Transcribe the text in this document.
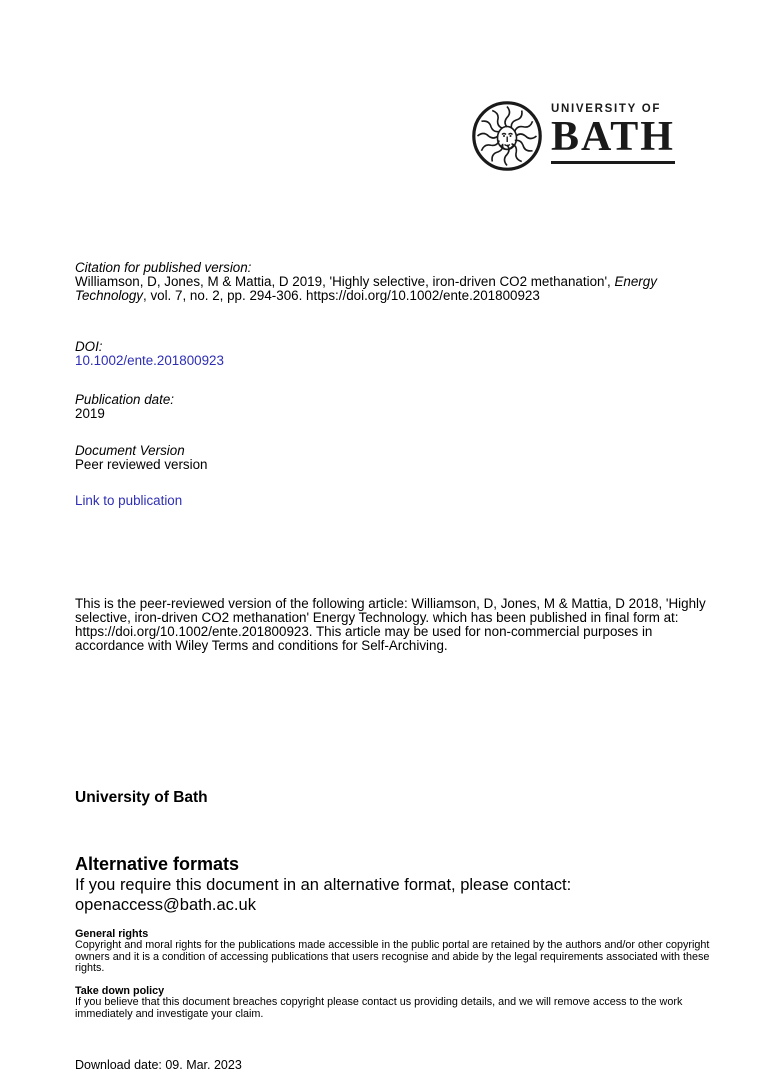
UNIVERSITY OF
BATH
Citation for published version:
Williamson, D, Jones, M & Mattia, D 2019, 'Highly selective, iron-driven CO2 methanation', Energy Technology, vol. 7, no. 2, pp. 294-306. https://doi.org/10.1002/ente.201800923
DOI:
10.1002/ente.201800923
Publication date:
2019
Document Version
Peer reviewed version
Link to publication
This is the peer-reviewed version of the following article: Williamson, D, Jones, M & Mattia, D 2018, 'Highly selective, iron-driven CO2 methanation' Energy Technology. which has been published in final form at: https://doi.org/10.1002/ente.201800923. This article may be used for non-commercial purposes in accordance with Wiley Terms and conditions for Self-Archiving.
University of Bath
Alternative formats
If you require this document in an alternative format, please contact:
openaccess@bath.ac.uk
General rights
Copyright and moral rights for the publications made accessible in the public portal are retained by the authors and/or other copyright owners and it is a condition of accessing publications that users recognise and abide by the legal requirements associated with these rights.
Take down policy
If you believe that this document breaches copyright please contact us providing details, and we will remove access to the work immediately and investigate your claim.
Download date: 09. Mar. 2023
